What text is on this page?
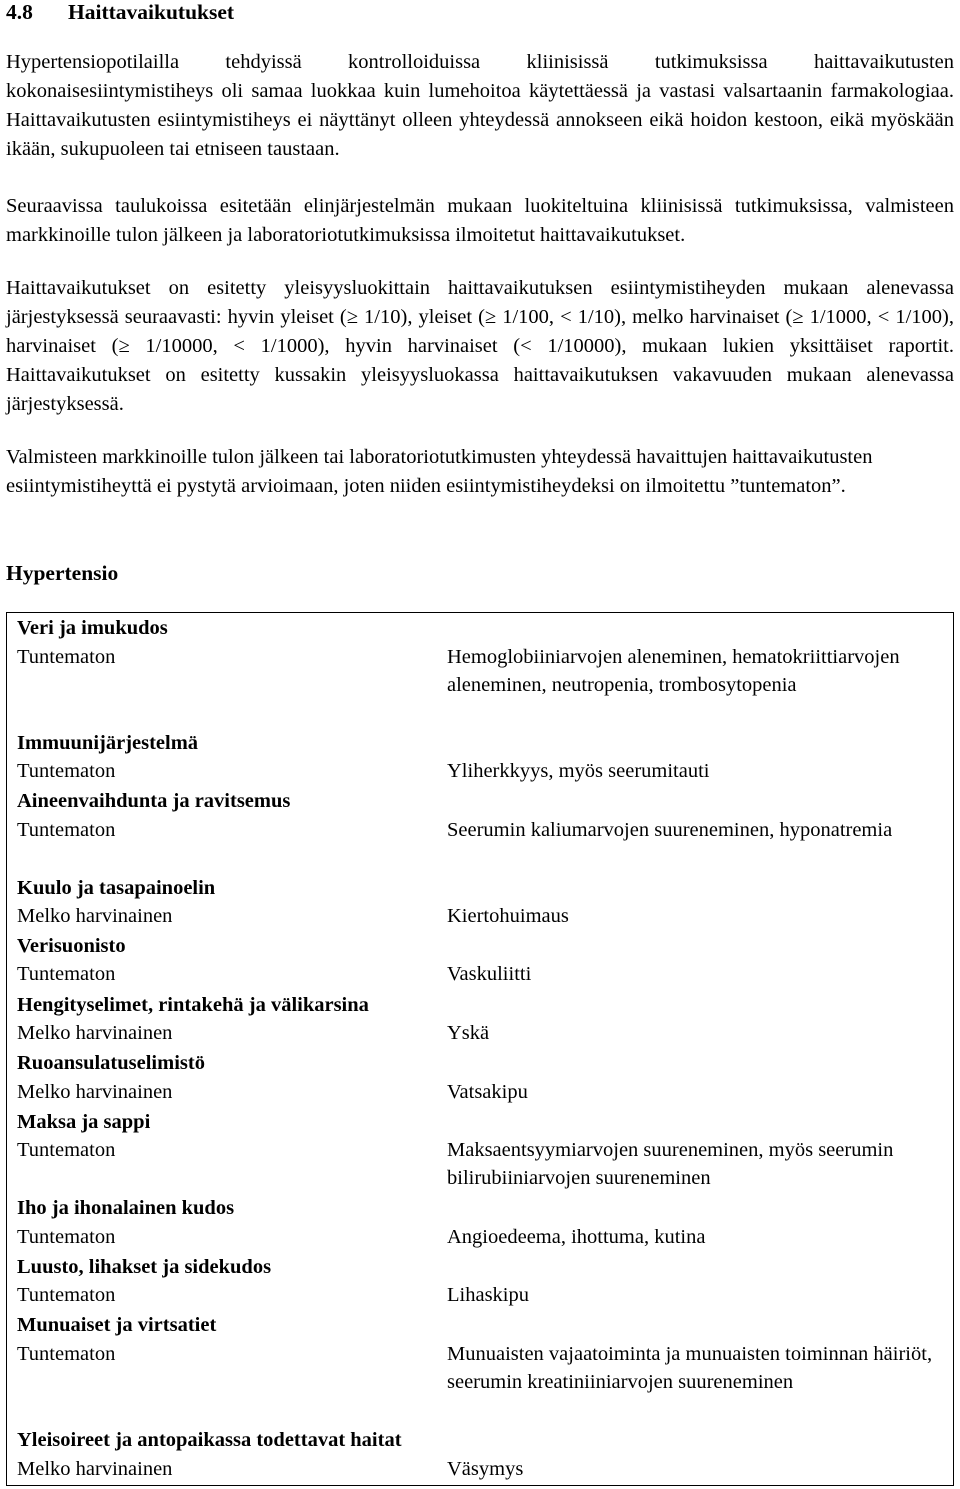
4.8 Haittavaikutukset

Hypertensiopotilailla tehdyissä kontrolloiduissa kliinisissä tutkimuksissa haittavaikutusten kokonaisesiintymistiheys oli samaa luokkaa kuin lumehoitoa käytettäessä ja vastasi valsartaanin farmakologiaa. Haittavaikutusten esiintymistiheys ei näyttänyt olleen yhteydessä annokseen eikä hoidon kestoon, eikä myöskään ikään, sukupuoleen tai etniseen taustaan.

Seuraavissa taulukoissa esitetään elinjärjestelmän mukaan luokiteltuina kliinisissä tutkimuksissa, valmisteen markkinoille tulon jälkeen ja laboratoriotutkimuksissa ilmoitetut haittavaikutukset.

Haittavaikutukset on esitetty yleisyysluokittain haittavaikutuksen esiintymistiheyden mukaan alenevassa järjestyksessä seuraavasti: hyvin yleiset (≥ 1/10), yleiset (≥ 1/100, < 1/10), melko harvinaiset (≥ 1/1000, < 1/100), harvinaiset (≥ 1/10000, < 1/1000), hyvin harvinaiset (< 1/10000), mukaan lukien yksittäiset raportit. Haittavaikutukset on esitetty kussakin yleisyysluokassa haittavaikutuksen vakavuuden mukaan alenevassa järjestyksessä.

Valmisteen markkinoille tulon jälkeen tai laboratoriotutkimusten yhteydessä havaittujen haittavaikutusten esiintymistiheyttä ei pystytä arvioimaan, joten niiden esiintymistiheydeksi on ilmoitettu ”tuntematon”.

Hypertensio
Veri ja imukudos
Tuntematon	Hemoglobiiniarvojen aleneminen, hematokriittiarvojen aleneminen, neutropenia, trombosytopenia
Immuunijärjestelmä
Tuntematon	Yliherkkyys, myös seerumitauti
Aineenvaihdunta ja ravitsemus
Tuntematon	Seerumin kaliumarvojen suureneminen, hyponatremia
Kuulo ja tasapainoelin
Melko harvinainen	Kiertohuimaus
Verisuonisto
Tuntematon	Vaskuliitti
Hengityselimet, rintakehä ja välikarsina
Melko harvinainen	Yskä
Ruoansulatuselimistö
Melko harvinainen	Vatsakipu
Maksa ja sappi
Tuntematon	Maksaentsyymiarvojen suureneminen, myös seerumin bilirubiiniarvojen suureneminen
Iho ja ihonalainen kudos
Tuntematon	Angioedeema, ihottuma, kutina
Luusto, lihakset ja sidekudos
Tuntematon	Lihaskipu
Munuaiset ja virtsatiet
Tuntematon	Munuaisten vajaatoiminta ja munuaisten toiminnan häiriöt, seerumin kreatiniiniarvojen suureneminen
Yleisoireet ja antopaikassa todettavat haitat
Melko harvinainen	Väsymys
